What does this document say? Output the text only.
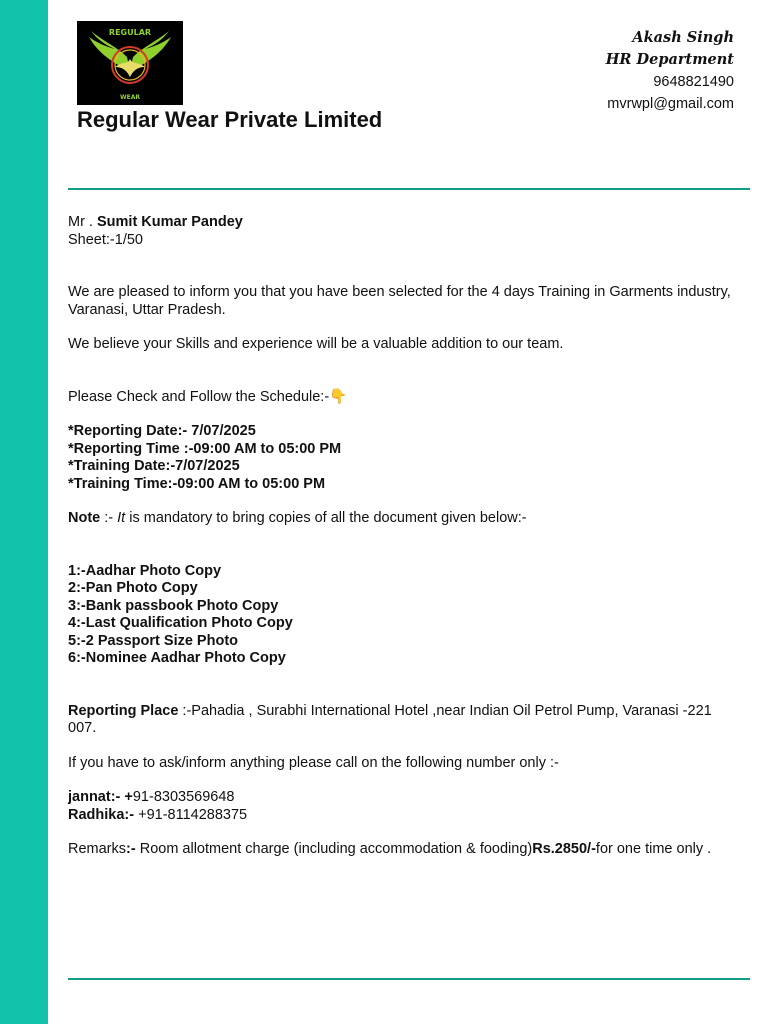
REGULAR
WEAR
Regular Wear Private Limited
Akash Singh
HR Department
9648821490
mvrwpl@gmail.com

Mr . Sumit Kumar Pandey

Sheet:-1/50

We are pleased to inform you that you have been selected for the 4 days Training in Garments industry, Varanasi, Uttar Pradesh.

We believe your Skills and experience will be a valuable addition to our team.

Please Check and Follow the Schedule:-👇

*Reporting Date:- 7/07/2025

*Reporting Time :-09:00 AM to 05:00 PM

*Training Date:-7/07/2025

*Training Time:-09:00 AM to 05:00 PM

Note :- It is mandatory to bring copies of all the document given below:-

1:-Aadhar Photo Copy

2:-Pan Photo Copy

3:-Bank passbook Photo Copy

4:-Last Qualification Photo Copy

5:-2 Passport Size Photo

6:-Nominee Aadhar Photo Copy

Reporting Place :-Pahadia , Surabhi International Hotel ,near Indian Oil Petrol Pump, Varanasi -221 007.

If you have to ask/inform anything please call on the following number only :-

jannat:- +91-8303569648

Radhika:- +91-8114288375

Remarks:- Room allotment charge (including accommodation & fooding)Rs.2850/-for one time only .
